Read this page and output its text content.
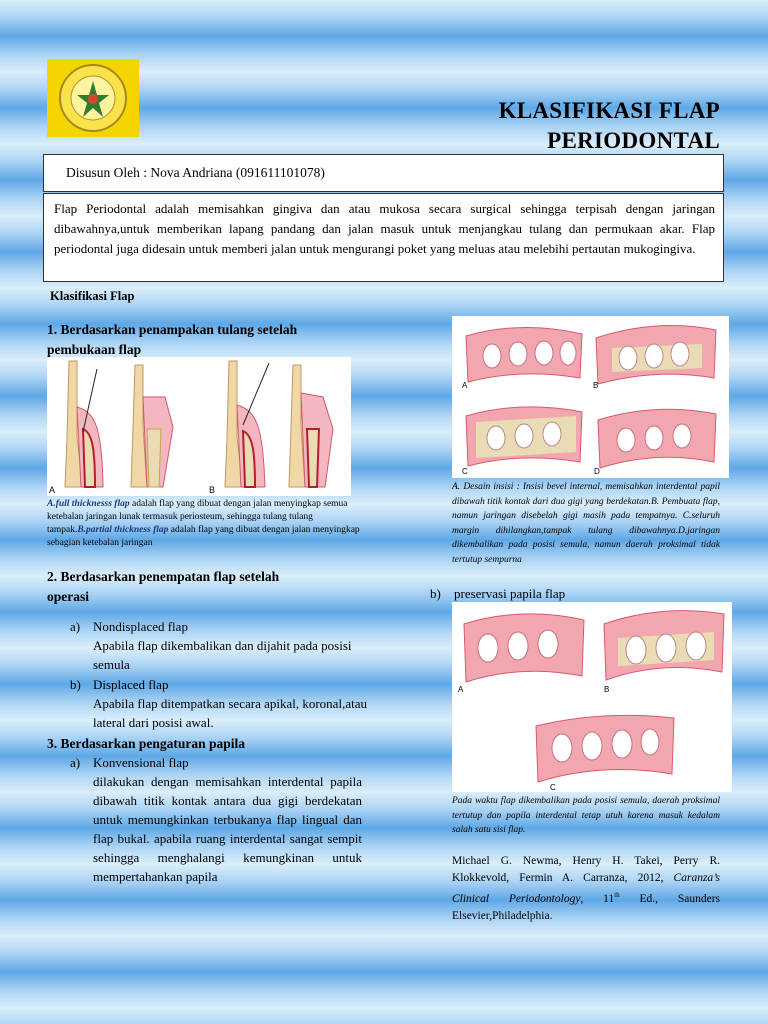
KLASIFIKASI FLAP
PERIODONTAL
Disusun Oleh : Nova Andriana (091611101078)
Flap Periodontal adalah memisahkan gingiva dan atau mukosa secara surgical sehingga terpisah dengan jaringan dibawahnya,untuk memberikan lapang pandang dan jalan masuk untuk menjangkau tulang dan permukaan akar. Flap periodontal juga didesain untuk memberi jalan untuk mengurangi poket yang meluas atau melebihi pertautan mukogingiva.
Klasifikasi Flap
1. Berdasarkan penampakan tulang setelah
pembukaan flap
A	B
A.full thicknesss flap adalah flap yang dibuat dengan jalan menyingkap semua ketebalan jaringan lunak termasuk periosteum, sehingga tulang tulang tampak.B.partial thickness flap adalah flap yang dibuat dengan jalan menyingkap sebagian ketebalan jaringan
2. Berdasarkan penempatan flap setelah
operasi
a) Nondisplaced flap
Apabila flap dikembalikan dan dijahit pada posisi semula
b) Displaced flap
Apabila flap ditempatkan secara apikal, koronal,atau lateral dari posisi awal.
3. Berdasarkan pengaturan papila
a) Konvensional flap
dilakukan dengan memisahkan interdental papila dibawah titik kontak antara dua gigi berdekatan untuk memungkinkan terbukanya flap lingual dan flap bukal. apabila ruang interdental sangat sempit sehingga menghalangi kemungkinan untuk mempertahankan papila
A	B
C	D
A. Desain insisi : Insisi bevel internal, memisahkan interdental papil dibawah titik kontak dari dua gigi yang berdekatan.B. Pembuata flap, namun jaringan disebelah gigi masih pada tempatnya. C.seluruh margin dihilangkan,tampak tulang dibawahnya.D.jaringan dikembalikan pada posisi semula, namun daerah proksimal tidak tertutup sempurna
b) preservasi papila flap
A	B
C
Pada waktu flap dikembalikan pada posisi semula, daerah proksimal tertutup dan papila interdental tetap utuh karena masuk kedalam salah satu sisi flap.
Michael G. Newma, Henry H. Takei, Perry R. Klokkevold, Fermin A. Carranza, 2012, Caranza’s Clinical Periodontology, 11th Ed., Saunders Elsevier,Philadelphia.
